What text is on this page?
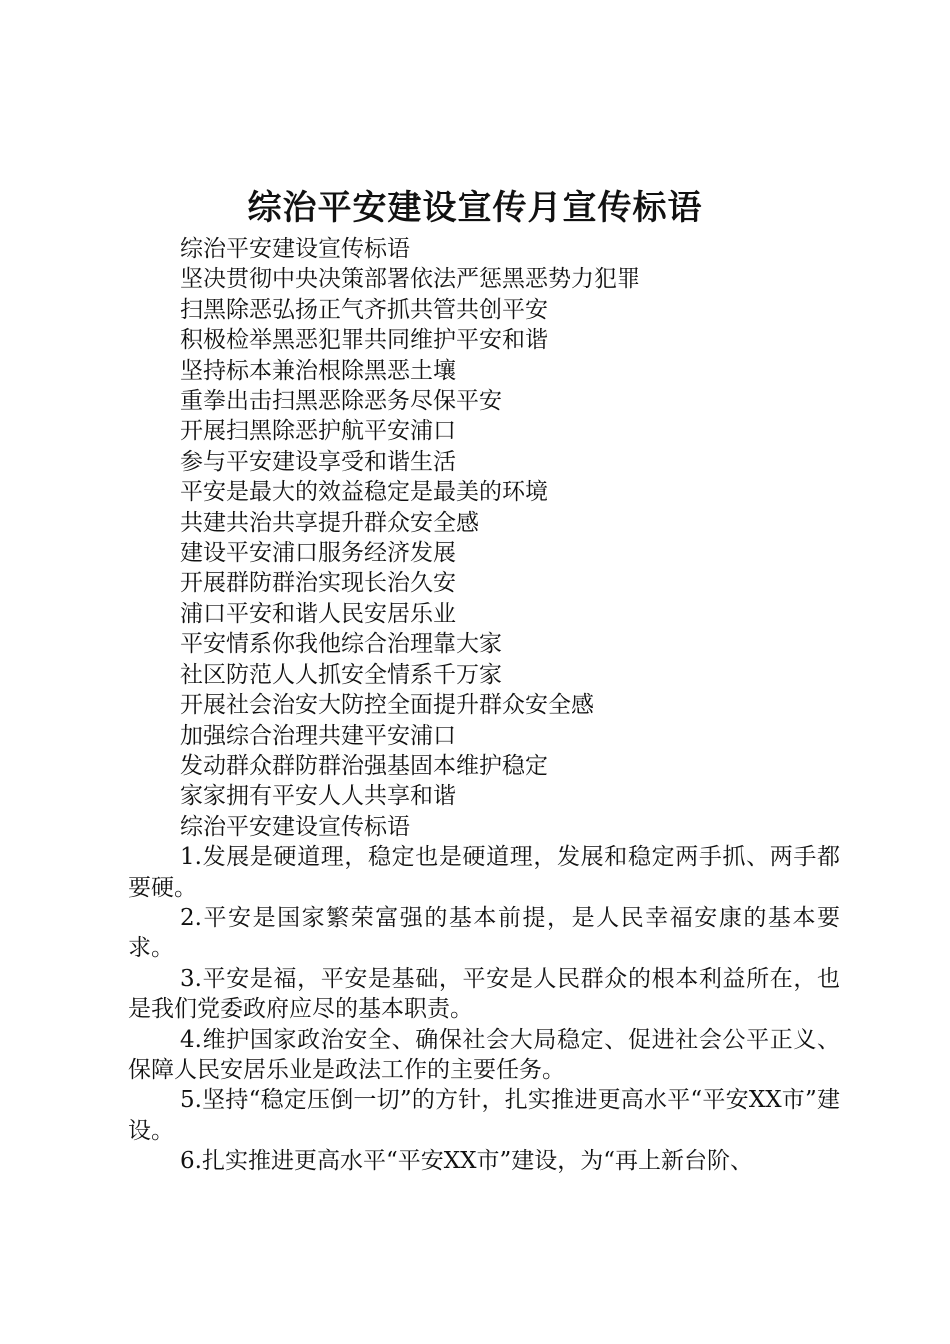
综治平安建设宣传月宣传标语

综治平安建设宣传标语

坚决贯彻中央决策部署依法严惩黑恶势力犯罪

扫黑除恶弘扬正气齐抓共管共创平安

积极检举黑恶犯罪共同维护平安和谐

坚持标本兼治根除黑恶土壤

重拳出击扫黑恶除恶务尽保平安

开展扫黑除恶护航平安浦口

参与平安建设享受和谐生活

平安是最大的效益稳定是最美的环境

共建共治共享提升群众安全感

建设平安浦口服务经济发展

开展群防群治实现长治久安

浦口平安和谐人民安居乐业

平安情系你我他综合治理靠大家

社区防范人人抓安全情系千万家

开展社会治安大防控全面提升群众安全感

加强综合治理共建平安浦口

发动群众群防群治强基固本维护稳定

家家拥有平安人人共享和谐

综治平安建设宣传标语

1.发展是硬道理，稳定也是硬道理，发展和稳定两手抓、两手都要硬。

2.平安是国家繁荣富强的基本前提，是人民幸福安康的基本要求。

3.平安是福，平安是基础，平安是人民群众的根本利益所在，也是我们党委政府应尽的基本职责。

4.维护国家政治安全、确保社会大局稳定、促进社会公平正义、保障人民安居乐业是政法工作的主要任务。

5.坚持“稳定压倒一切”的方针，扎实推进更高水平“平安XX市”建设。

6.扎实推进更高水平“平安XX市”建设，为“再上新台阶、
